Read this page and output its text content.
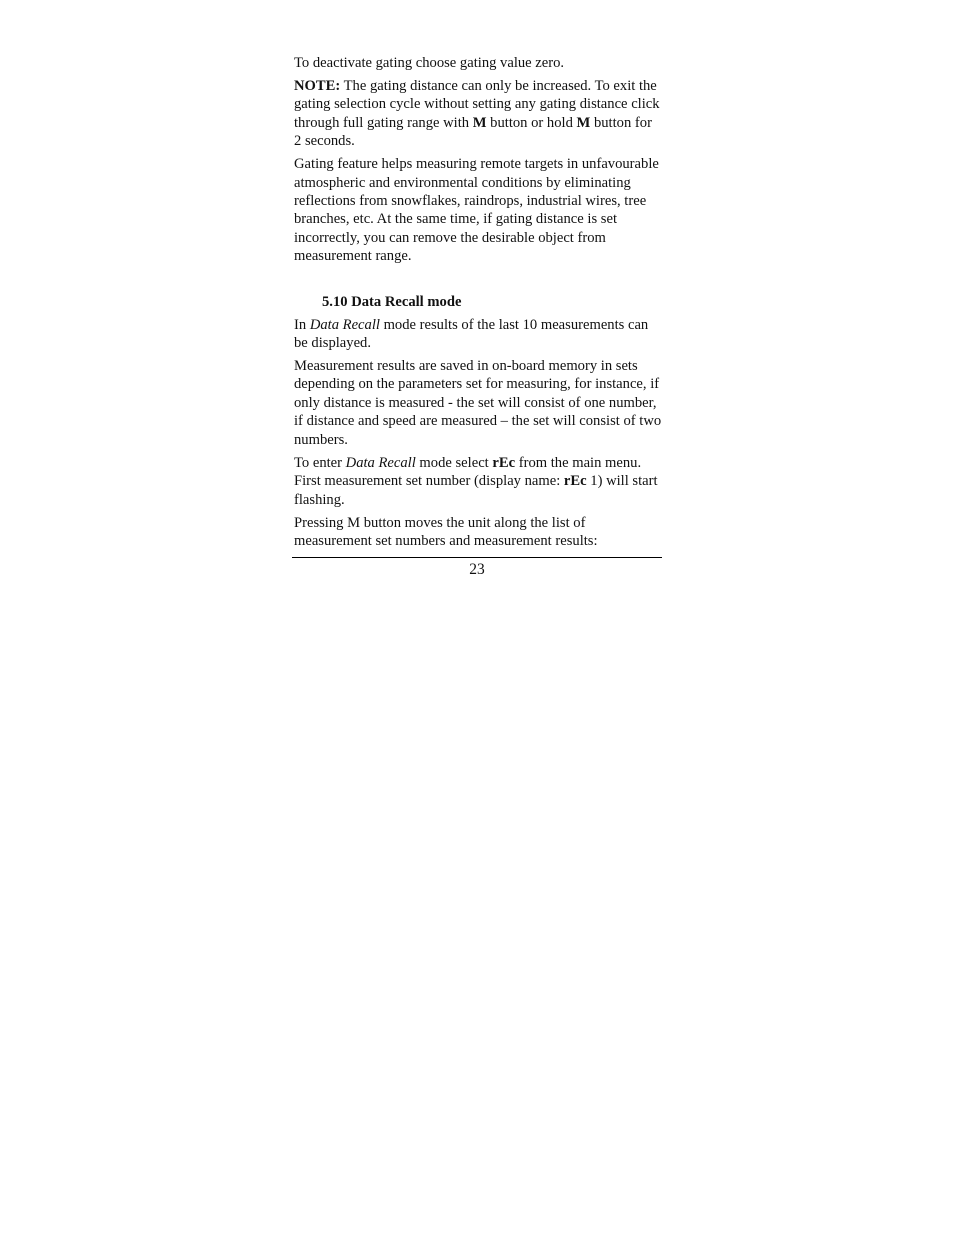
To deactivate gating choose gating value zero.

NOTE: The gating distance can only be increased. To exit the gating selection cycle without setting any gating distance click through full gating range with M button or hold M button for 2 seconds.

Gating feature helps measuring remote targets in unfavourable atmospheric and environmental conditions by eliminating reflections from snowflakes, raindrops, industrial wires, tree branches, etc. At the same time, if gating distance is set incorrectly, you can remove the desirable object from measurement range.

5.10 Data Recall mode

In Data Recall mode results of the last 10 measurements can be displayed.

Measurement results are saved in on-board memory in sets depending on the parameters set for measuring, for instance, if only distance is measured - the set will consist of one number, if distance and speed are measured – the set will consist of two numbers.

To enter Data Recall mode select rEc from the main menu. First measurement set number (display name: rEc 1) will start flashing.

Pressing M button moves the unit along the list of measurement set numbers and measurement results:

23
